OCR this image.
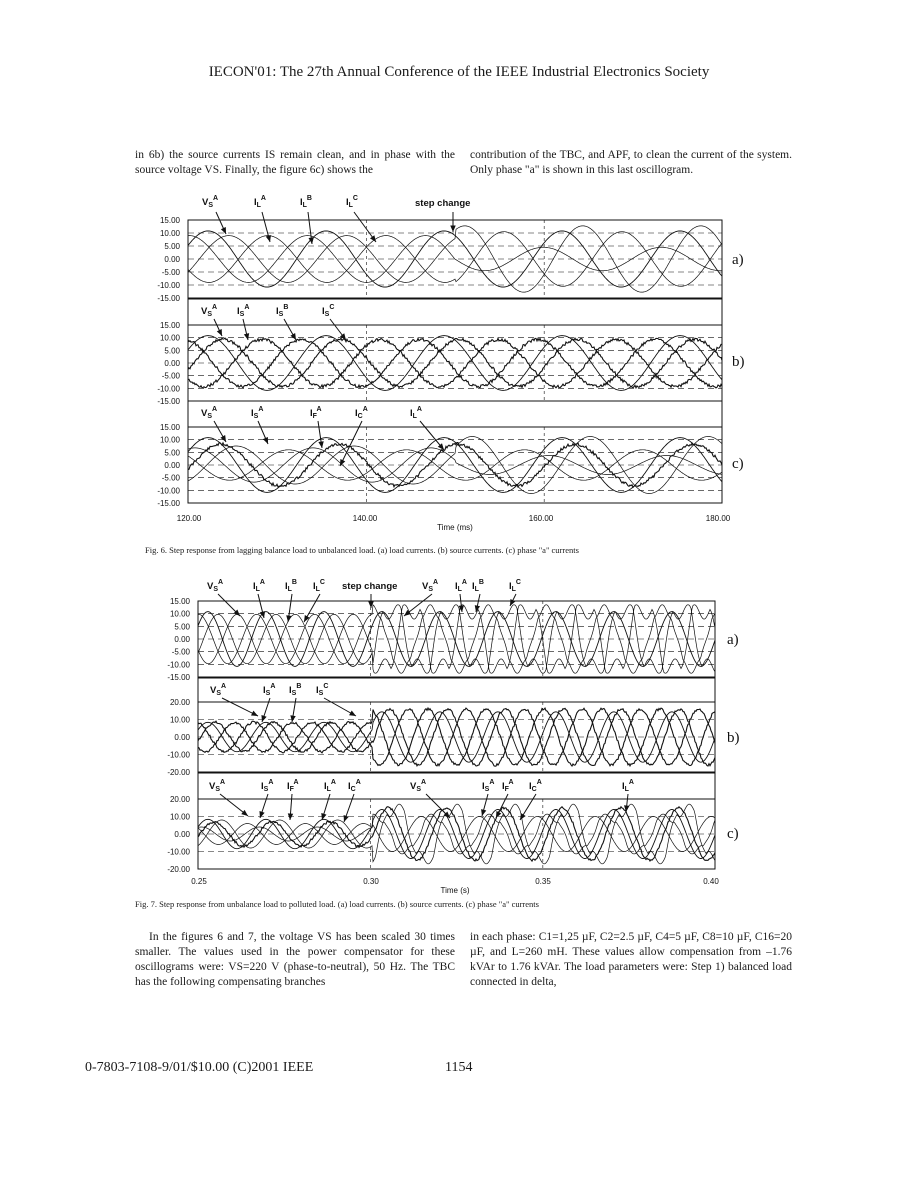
IECON'01: The 27th Annual Conference of the IEEE Industrial Electronics Society

in 6b) the source currents IS remain clean, and in phase with the source voltage VS. Finally, the figure 6c) shows the

contribution of the TBC, and APF, to clean the current of the system. Only phase "a" is shown in this last oscillogram.

$V_S^A$	$I_L^A$	$I_L^B$	$I_L^C$	step change
15.00
10.00
5.00
0.00
-5.00
-10.00
-15.00
a)
$V_S^A$ $I_S^A$	$I_S^B$	$I_S^C$
15.00
10.00
5.00
0.00
-5.00
-10.00
-15.00
b)
$V_S^A$	$I_S^A$	$I_F^A$	$I_C^A$	$I_L^A$
15.00
10.00
5.00
0.00
-5.00
-10.00
-15.00
c)
120.00	140.00	160.00	180.00
Time (ms)
$V_S^A$	$I_L^A$ $I_L^B$ $I_L^C$ step change	$V_S^A$ $I_L^A$ $I_L^B$	$I_L^C$
15.00
10.00
5.00
0.00
-5.00
-10.00
-15.00
a)
$V_S^A$	$I_S^A$ $I_S^B$ $I_S^C$
20.00
10.00
0.00
-10.00
-20.00
b)
$V_S^A$	$I_S^A$ $I_F^A$	$I_L^A$ $I_C^A$	$V_S^A$	$I_S^A$ $I_F^A$ $I_C^A$	$I_L^A$
20.00
10.00
0.00
-10.00
-20.00
c)
0.25	0.30	0.35	0.40
Time (s)
Fig. 6. Step response from lagging balance load to unbalanced load. (a) load currents. (b) source currents. (c) phase "a" currents
Fig. 7. Step response from unbalance load to polluted load. (a) load currents. (b) source currents. (c) phase "a" currents

In the figures 6 and 7, the voltage VS has been scaled 30 times smaller. The values used in the power compensator for these oscillograms were: VS=220 V (phase-to-neutral), 50 Hz. The TBC has the following compensating branches

in each phase: C1=1,25 µF, C2=2.5 µF, C4=5 µF, C8=10 µF, C16=20 µF, and L=260 mH. These values allow compensation from –1.76 kVAr to 1.76 kVAr. The load parameters were: Step 1) balanced load connected in delta,

0-7803-7108-9/01/$10.00 (C)2001 IEEE	1154
